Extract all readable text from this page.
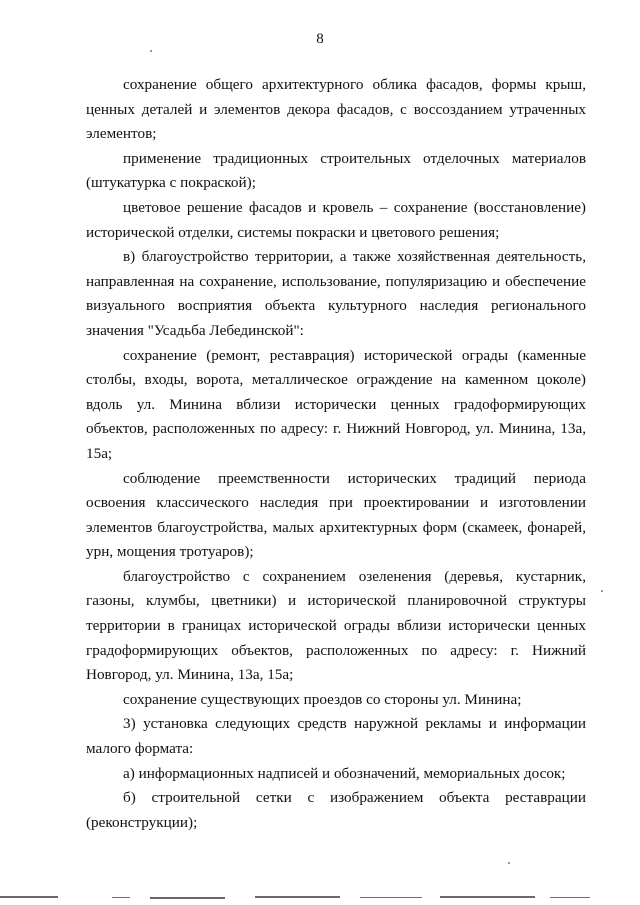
8

сохранение общего архитектурного облика фасадов, формы крыш, ценных деталей и элементов декора фасадов, с воссозданием утраченных элементов;

применение традиционных строительных отделочных материалов (штукатурка с покраской);

цветовое решение фасадов и кровель – сохранение (восстановление) исторической отделки, системы покраски и цветового решения;

в) благоустройство территории, а также хозяйственная деятельность, направленная на сохранение, использование, популяризацию и обеспечение визуального восприятия объекта культурного наследия регионального значения "Усадьба Лебединской":

сохранение (ремонт, реставрация) исторической ограды (каменные столбы, входы, ворота, металлическое ограждение на каменном цоколе) вдоль ул. Минина вблизи исторически ценных градоформирующих объектов, расположенных по адресу: г. Нижний Новгород, ул. Минина, 13а, 15а;

соблюдение преемственности исторических традиций периода освоения классического наследия при проектировании и изготовлении элементов благоустройства, малых архитектурных форм (скамеек, фонарей, урн, мощения тротуаров);

благоустройство с сохранением озеленения (деревья, кустарник, газоны, клумбы, цветники) и исторической планировочной структуры территории в границах исторической ограды вблизи исторически ценных градоформирующих объектов, расположенных по адресу: г. Нижний Новгород, ул. Минина, 13а, 15а;

сохранение существующих проездов со стороны ул. Минина;

3) установка следующих средств наружной рекламы и информации малого формата:

а) информационных надписей и обозначений, мемориальных досок;

б) строительной сетки с изображением объекта реставрации (реконструкции);
